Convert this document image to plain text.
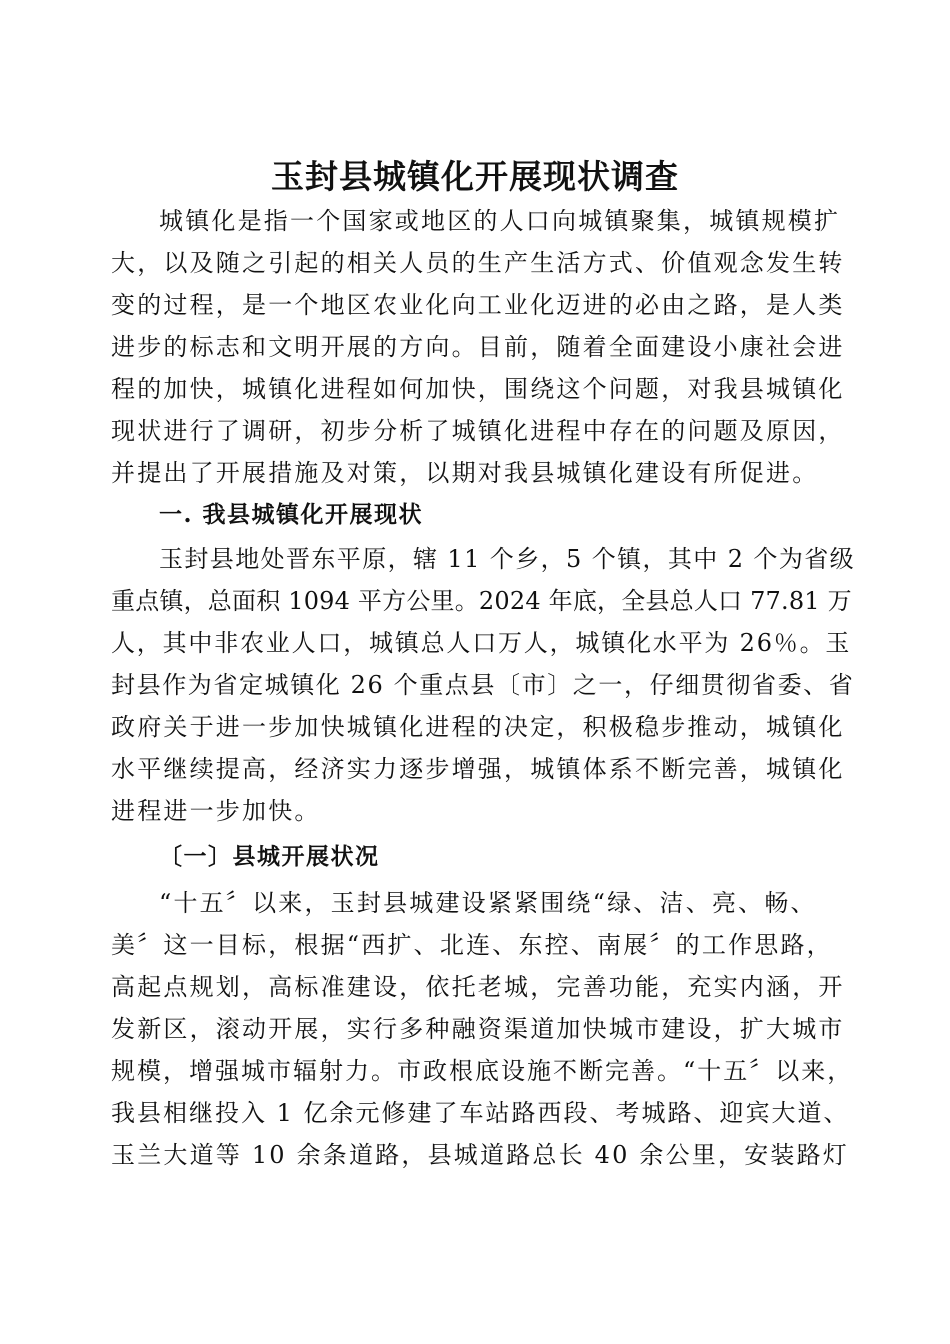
玉封县城镇化开展现状调查
城镇化是指一个国家或地区的人口向城镇聚集，城镇规模扩
大，以及随之引起的相关人员的生产生活方式、价值观念发生转
变的过程，是一个地区农业化向工业化迈进的必由之路，是人类
进步的标志和文明开展的方向。目前，随着全面建设小康社会进
程的加快，城镇化进程如何加快，围绕这个问题，对我县城镇化
现状进行了调研，初步分析了城镇化进程中存在的问题及原因，
并提出了开展措施及对策，以期对我县城镇化建设有所促进。
一. 我县城镇化开展现状
玉封县地处晋东平原，辖 11 个乡，5 个镇，其中 2 个为省级
重点镇，总面积 1094 平方公里。2024 年底，全县总人口 77.81 万
人，其中非农业人口，城镇总人口万人，城镇化水平为 26％。玉
封县作为省定城镇化 26 个重点县〔市〕之一，仔细贯彻省委、省
政府关于进一步加快城镇化进程的决定，积极稳步推动，城镇化
水平继续提高，经济实力逐步增强，城镇体系不断完善，城镇化
进程进一步加快。
〔一〕县城开展状况
“十五〞以来，玉封县城建设紧紧围绕“绿、洁、亮、畅、
美〞这一目标，根据“西扩、北连、东控、南展〞的工作思路，
高起点规划，高标准建设，依托老城，完善功能，充实内涵，开
发新区，滚动开展，实行多种融资渠道加快城市建设，扩大城市
规模，增强城市辐射力。市政根底设施不断完善。“十五〞以来，
我县相继投入 1 亿余元修建了车站路西段、考城路、迎宾大道、
玉兰大道等 10 余条道路，县城道路总长 40 余公里，安装路灯
